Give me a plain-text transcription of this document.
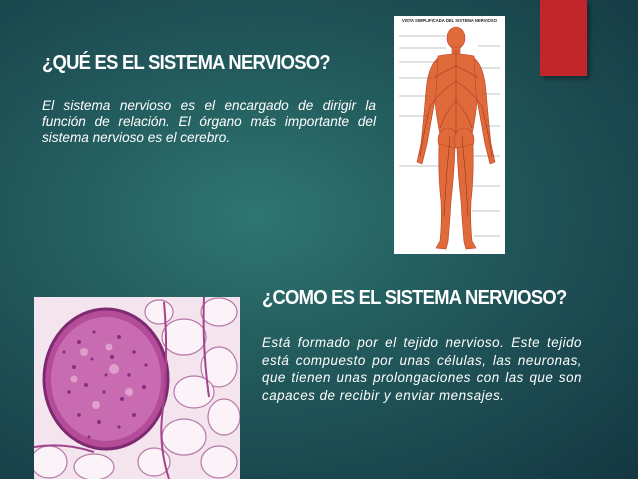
¿QUÉ ES EL SISTEMA NERVIOSO?

El sistema nervioso es el encargado de dirigir la función de relación. El órgano más importante del sistema nervioso es el cerebro.

VISTA SIMPLIFICADA DEL SISTEMA NERVIOSO
¿COMO ES EL SISTEMA NERVIOSO?

Está formado por el tejido nervioso. Este tejido está compuesto por unas células, las neuronas, que tienen unas prolongaciones con las que son capaces de recibir y enviar mensajes.
